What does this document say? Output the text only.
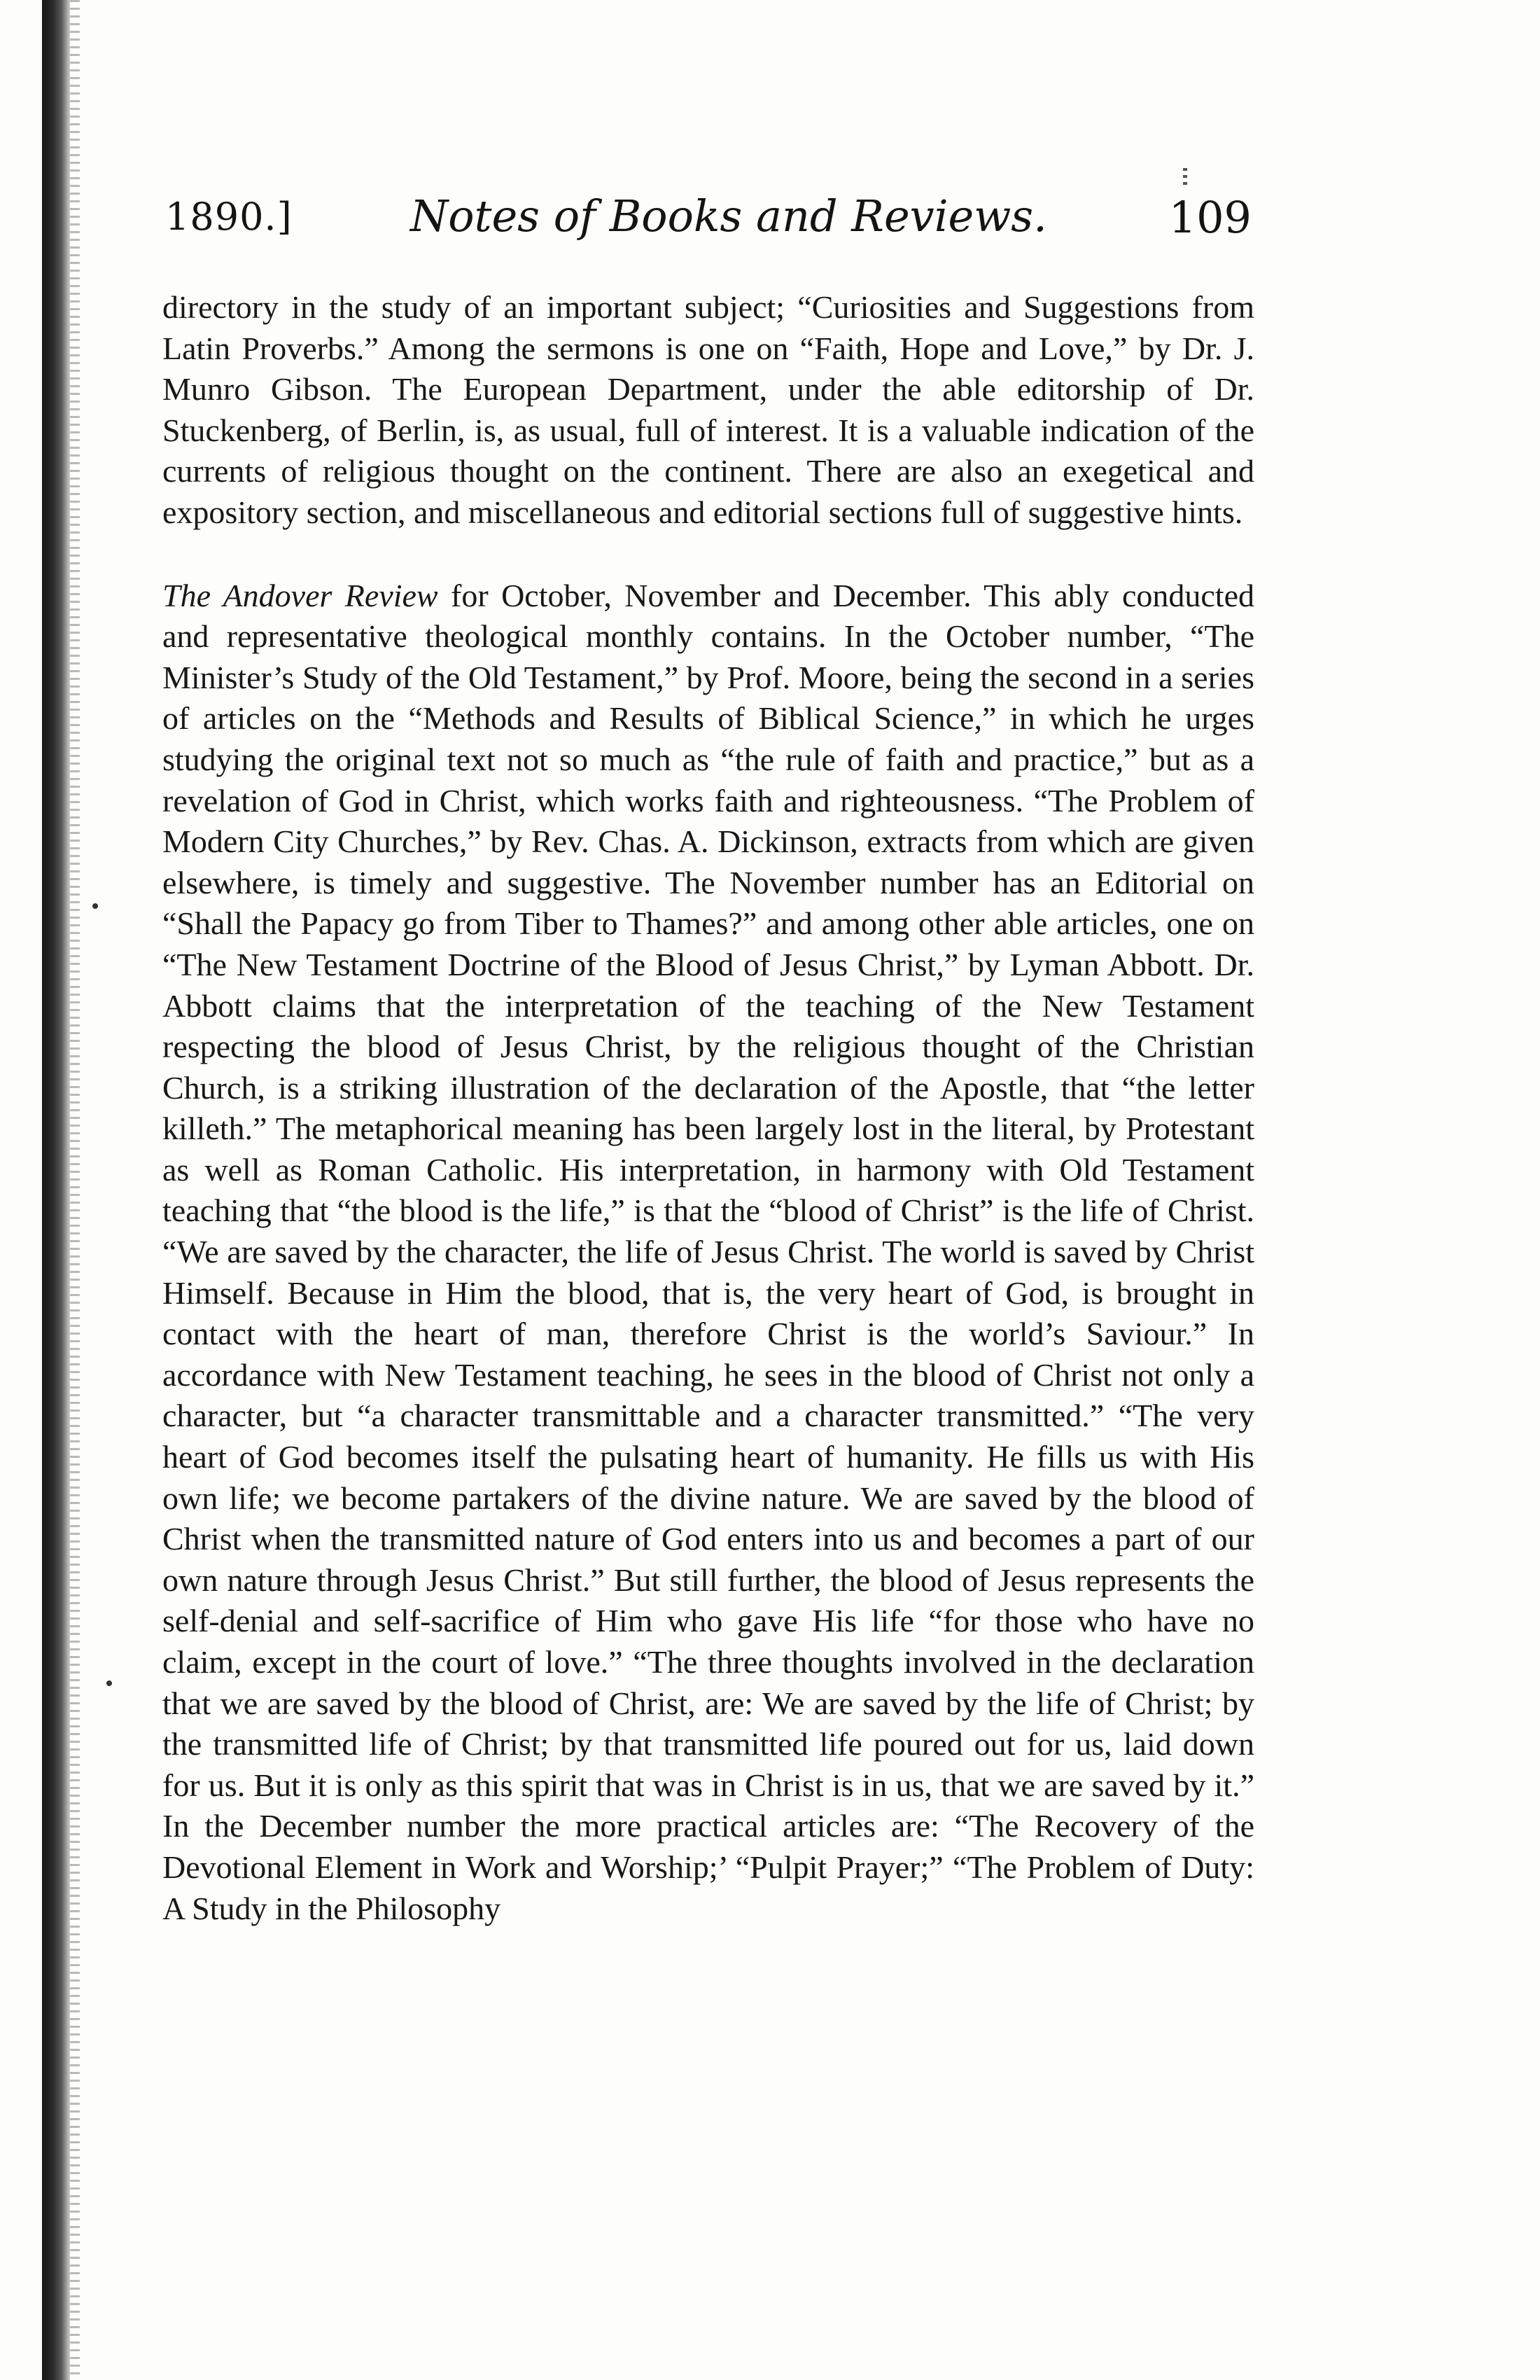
1890.]	Notes of Books and Reviews.	109

directory in the study of an important subject; “Curiosities and Suggestions from Latin Proverbs.” Among the sermons is one on “Faith, Hope and Love,” by Dr. J. Munro Gibson. The European Department, under the able editorship of Dr. Stuckenberg, of Berlin, is, as usual, full of interest. It is a valuable indication of the currents of religious thought on the continent. There are also an exegetical and expository section, and miscellaneous and editorial sections full of suggestive hints.

The Andover Review for October, November and December. This ably conducted and representative theological monthly contains. In the October number, “The Minister’s Study of the Old Testament,” by Prof. Moore, being the second in a series of articles on the “Methods and Results of Biblical Science,” in which he urges studying the original text not so much as “the rule of faith and practice,” but as a revelation of God in Christ, which works faith and righteousness. “The Problem of Modern City Churches,” by Rev. Chas. A. Dickinson, extracts from which are given elsewhere, is timely and suggestive. The November number has an Editorial on “Shall the Papacy go from Tiber to Thames?” and among other able articles, one on “The New Testament Doctrine of the Blood of Jesus Christ,” by Lyman Abbott. Dr. Abbott claims that the interpretation of the teaching of the New Testament respecting the blood of Jesus Christ, by the religious thought of the Christian Church, is a striking illustration of the declaration of the Apostle, that “the letter killeth.” The metaphorical meaning has been largely lost in the literal, by Protestant as well as Roman Catholic. His interpretation, in harmony with Old Testament teaching that “the blood is the life,” is that the “blood of Christ” is the life of Christ. “We are saved by the character, the life of Jesus Christ. The world is saved by Christ Himself. Because in Him the blood, that is, the very heart of God, is brought in contact with the heart of man, therefore Christ is the world’s Saviour.” In accordance with New Testament teaching, he sees in the blood of Christ not only a character, but “a character transmittable and a character transmitted.” “The very heart of God becomes itself the pulsating heart of humanity. He fills us with His own life; we become partakers of the divine nature. We are saved by the blood of Christ when the transmitted nature of God enters into us and becomes a part of our own nature through Jesus Christ.” But still further, the blood of Jesus represents the self-denial and self-sacrifice of Him who gave His life “for those who have no claim, except in the court of love.” “The three thoughts involved in the declaration that we are saved by the blood of Christ, are: We are saved by the life of Christ; by the transmitted life of Christ; by that transmitted life poured out for us, laid down for us. But it is only as this spirit that was in Christ is in us, that we are saved by it.” In the December number the more practical articles are: “The Recovery of the Devotional Element in Work and Worship;’ “Pulpit Prayer;” “The Problem of Duty: A Study in the Philosophy
